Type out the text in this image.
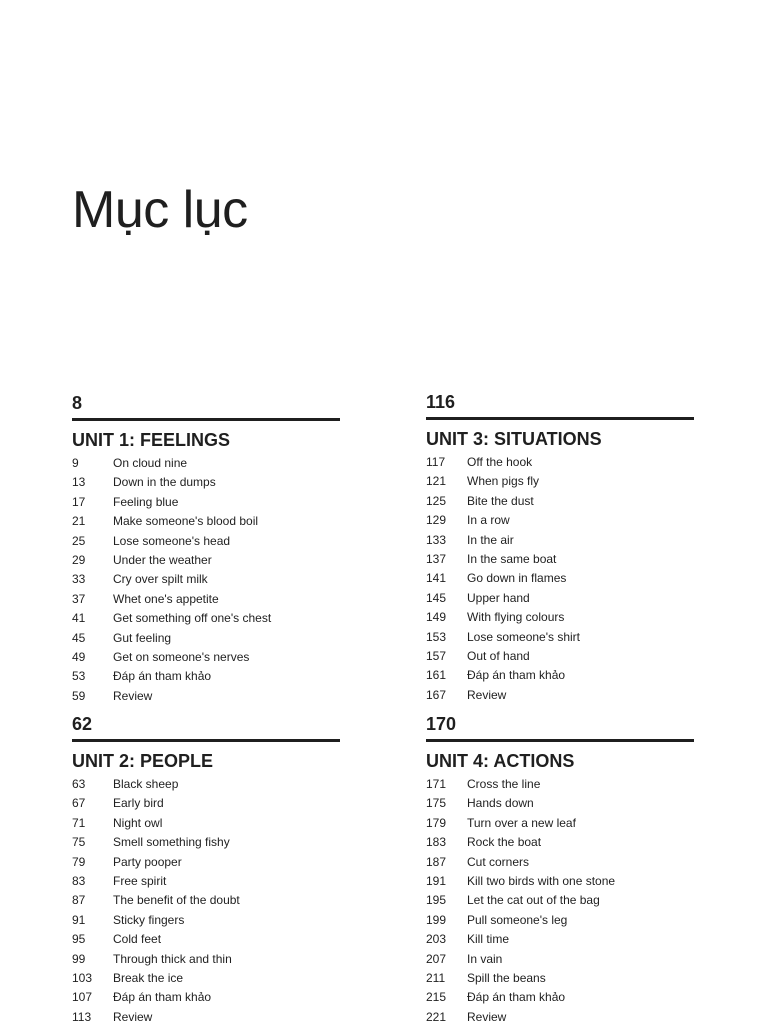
Mục lục
8
UNIT 1: FEELINGS
9	On cloud nine
13	Down in the dumps
17	Feeling blue
21	Make someone's blood boil
25	Lose someone's head
29	Under the weather
33	Cry over spilt milk
37	Whet one's appetite
41	Get something off one's chest
45	Gut feeling
49	Get on someone's nerves
53	Đáp án tham khảo
59	Review
62
UNIT 2: PEOPLE
63	Black sheep
67	Early bird
71	Night owl
75	Smell something fishy
79	Party pooper
83	Free spirit
87	The benefit of the doubt
91	Sticky fingers
95	Cold feet
99	Through thick and thin
103	Break the ice
107	Đáp án tham khảo
113	Review
116
UNIT 3: SITUATIONS
117	Off the hook
121	When pigs fly
125	Bite the dust
129	In a row
133	In the air
137	In the same boat
141	Go down in flames
145	Upper hand
149	With flying colours
153	Lose someone's shirt
157	Out of hand
161	Đáp án tham khảo
167	Review
170
UNIT 4: ACTIONS
171	Cross the line
175	Hands down
179	Turn over a new leaf
183	Rock the boat
187	Cut corners
191	Kill two birds with one stone
195	Let the cat out of the bag
199	Pull someone's leg
203	Kill time
207	In vain
211	Spill the beans
215	Đáp án tham khảo
221	Review
